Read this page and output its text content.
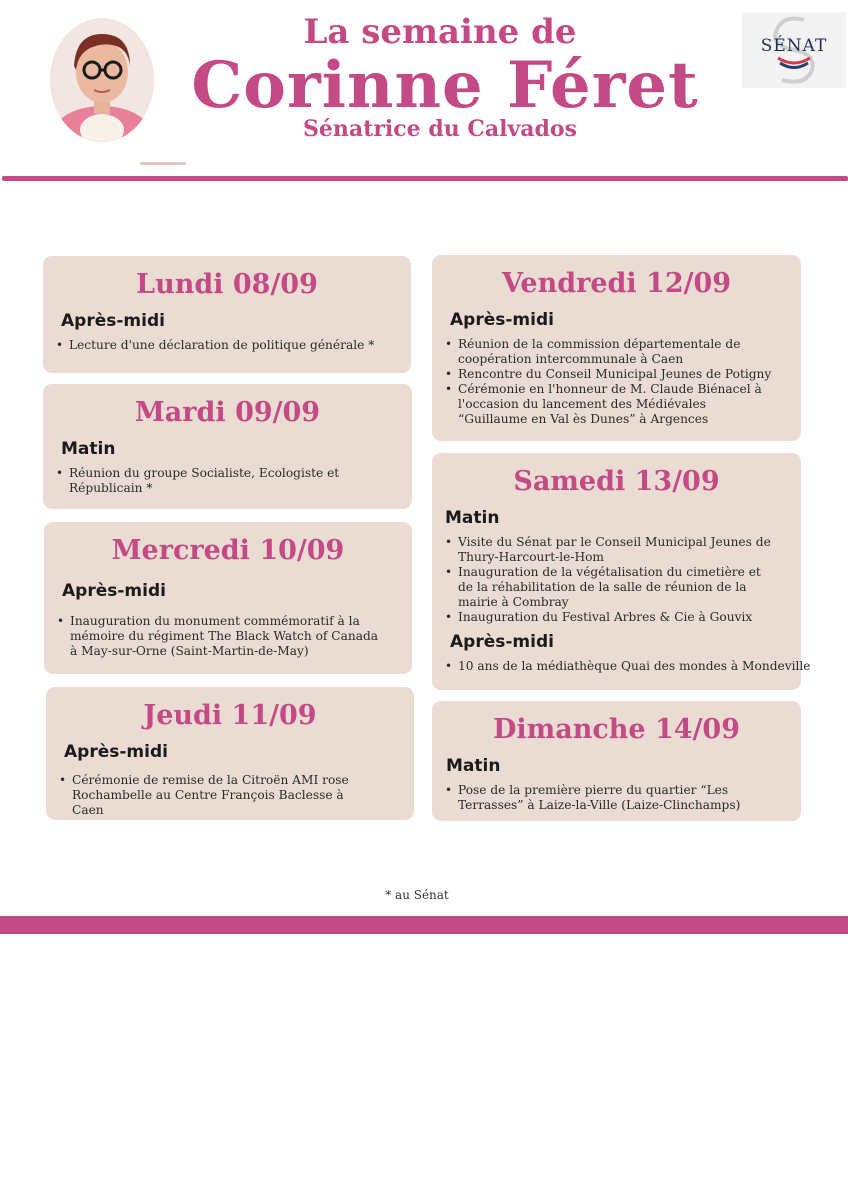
La semaine de
Corinne Féret
Sénatrice du Calvados
SÉNAT
Lundi 08/09
Après-midi
• Lecture d'une déclaration de politique générale *
Mardi 09/09
Matin
• Réunion du groupe Socialiste, Ecologiste et Républicain *
Mercredi 10/09
Après-midi
• Inauguration du monument commémoratif à la mémoire du régiment The Black Watch of Canada à May-sur-Orne (Saint-Martin-de-May)
Jeudi 11/09
Après-midi
• Cérémonie de remise de la Citroën AMI rose Rochambelle au Centre François Baclesse à Caen
Vendredi 12/09
Après-midi
• Réunion de la commission départementale de coopération intercommunale à Caen
• Rencontre du Conseil Municipal Jeunes de Potigny
• Cérémonie en l'honneur de M. Claude Biénacel à l'occasion du lancement des Médiévales “Guillaume en Val ès Dunes” à Argences
Samedi 13/09
Matin
• Visite du Sénat par le Conseil Municipal Jeunes de Thury-Harcourt-le-Hom
• Inauguration de la végétalisation du cimetière et de la réhabilitation de la salle de réunion de la mairie à Combray
• Inauguration du Festival Arbres & Cie à Gouvix
Après-midi
• 10 ans de la médiathèque Quai des mondes à Mondeville
Dimanche 14/09
Matin
• Pose de la première pierre du quartier “Les Terrasses” à Laize-la-Ville (Laize-Clinchamps)
* au Sénat
